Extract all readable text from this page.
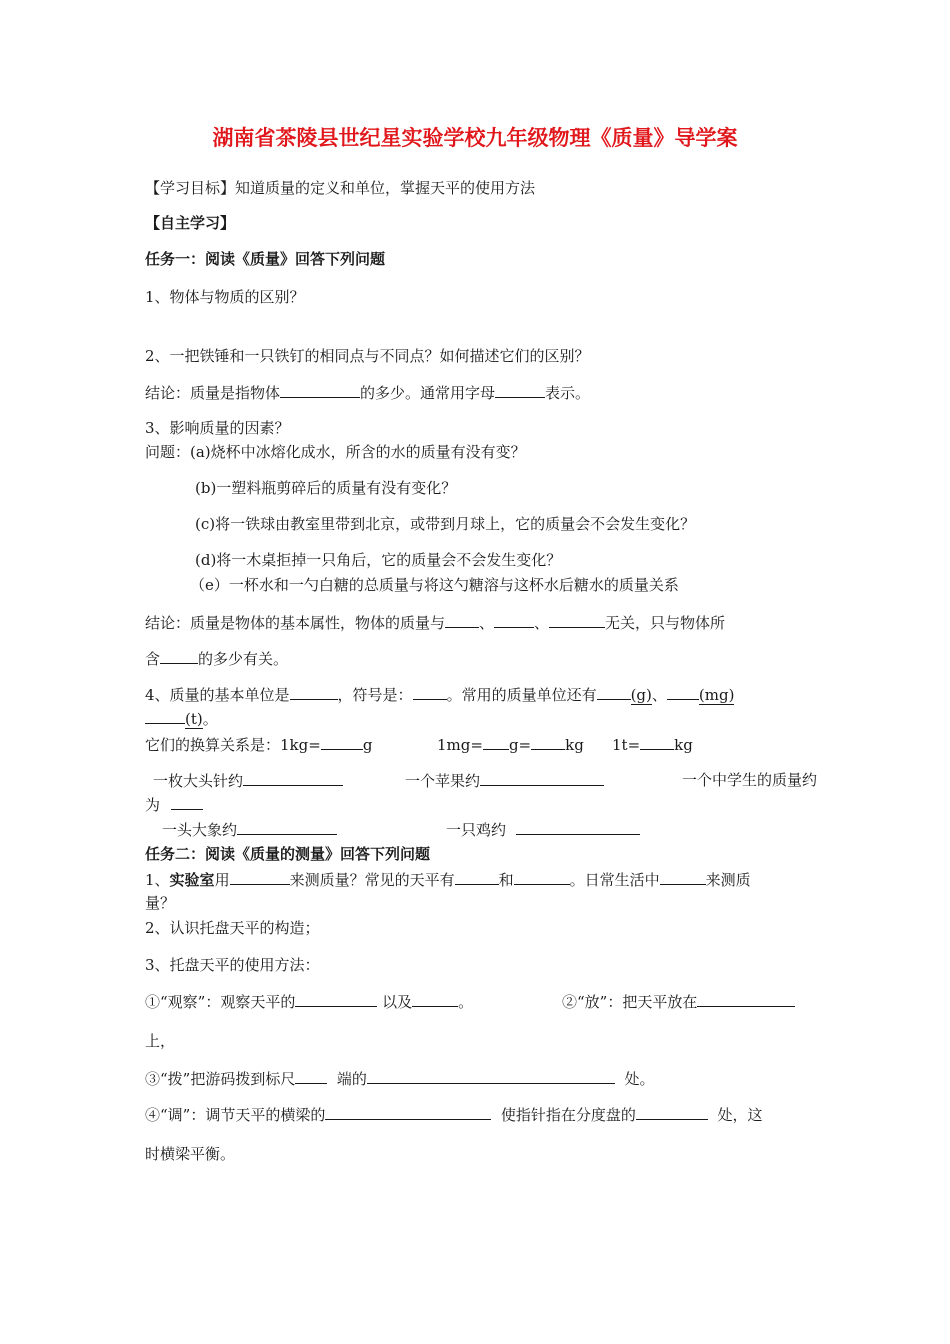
湖南省茶陵县世纪星实验学校九年级物理《质量》导学案
【学习目标】知道质量的定义和单位，掌握天平的使用方法
【自主学习】
任务一：阅读《质量》回答下列问题
1、物体与物质的区别？
2、一把铁锤和一只铁钉的相同点与不同点？如何描述它们的区别？
结论：质量是指物体	的多少。通常用字母	表示。
3、影响质量的因素？
问题：(a)烧杯中冰熔化成水，所含的水的质量有没有变？
(b)一塑料瓶剪碎后的质量有没有变化？
(c)将一铁球由教室里带到北京，或带到月球上，它的质量会不会发生变化？
(d)将一木桌拒掉一只角后，它的质量会不会发生变化？
（e）一杯水和一勺白糖的总质量与将这勺糖溶与这杯水后糖水的质量关系
结论：质量是物体的基本属性，物体的质量与 、	、	无关，只与物体所
含	的多少有关。
4、质量的基本单位是	，符号是： 。常用的质量单位还有 (g)、 (mg)
(t)。
它们的换算关系是：1kg=	g	1mg= g= kg 1t= kg
一枚大头针约	一个苹果约	一个中学生的质量约
为
一头大象约	一只鸡约
任务二：阅读《质量的测量》回答下列问题
1、实验室用	来测质量？常见的天平有	和	。日常生活中	来测质
量？
2、认识托盘天平的构造；
3、托盘天平的使用方法：
①“观察”：观察天平的	以及	。	②“放”：把天平放在
上，
③“拨”把游码拨到标尺	端的	处。
④“调”：调节天平的横梁的	使指针指在分度盘的	处，这
时横梁平衡。
